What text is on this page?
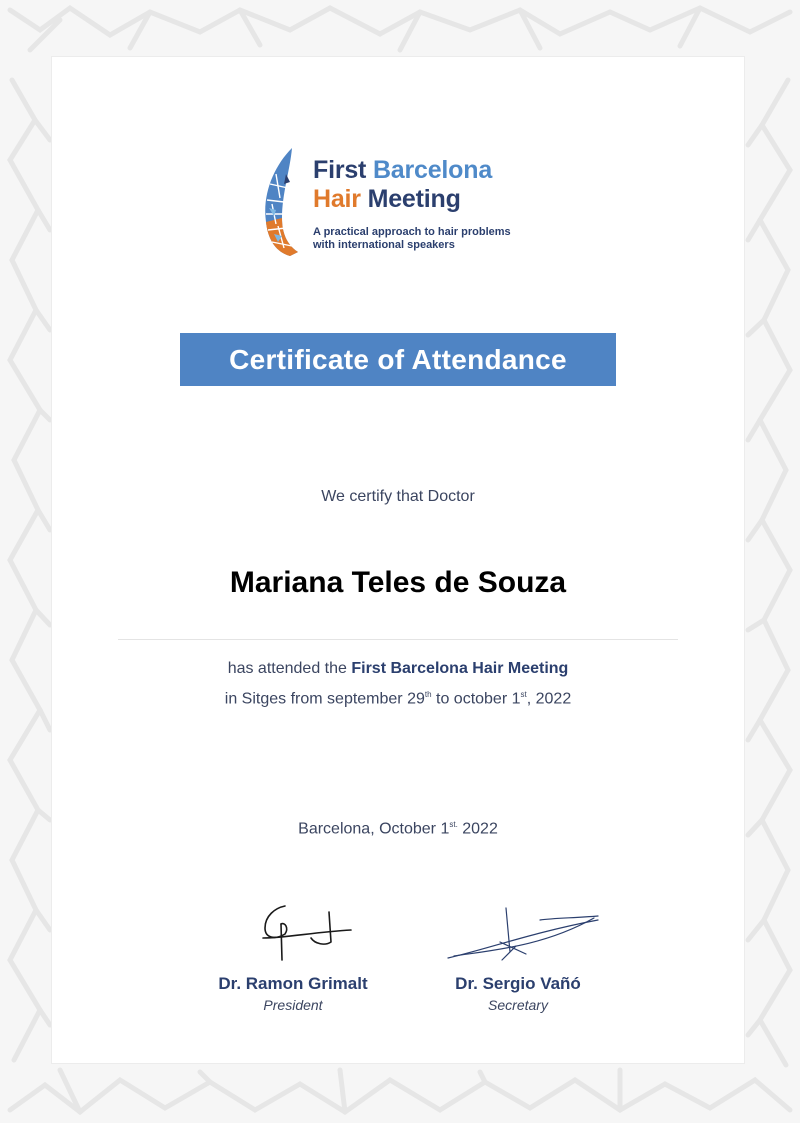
First Barcelona
Hair Meeting
A practical approach to hair problems
with international speakers
Certificate of Attendance
We certify that Doctor
Mariana Teles de Souza
has attended the First Barcelona Hair Meeting
in Sitges from september 29th to october 1st, 2022
Barcelona, October $1^{st.}$ 2022
Dr. Ramon Grimalt
President
Dr. Sergio Vañó
Secretary
